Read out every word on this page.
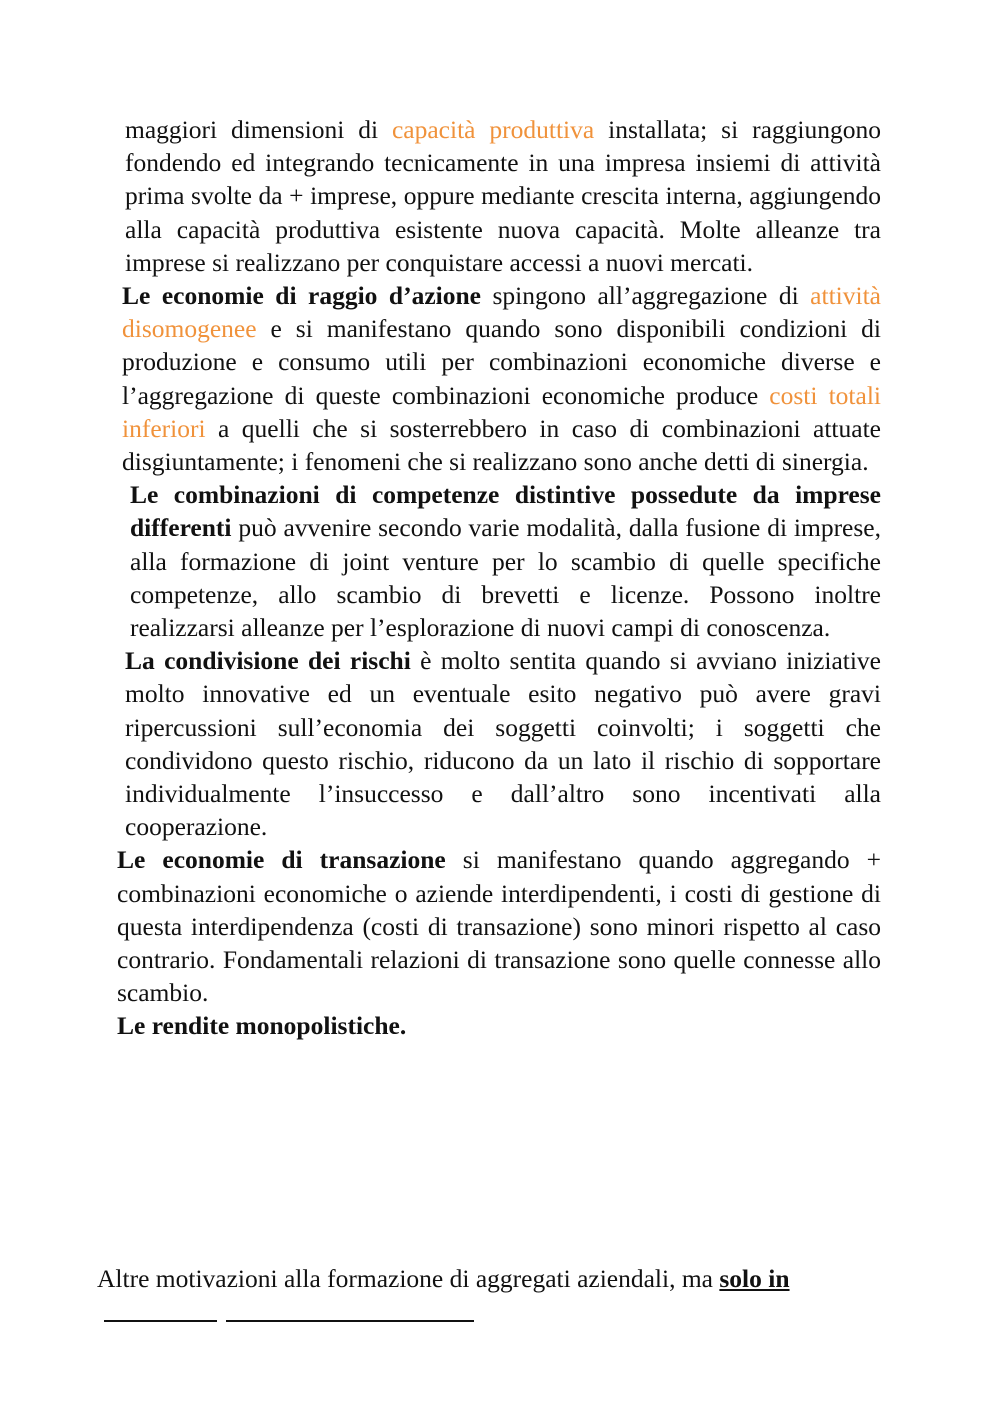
maggiori dimensioni di capacità produttiva installata; si raggiungono fondendo ed integrando tecnicamente in una impresa insiemi di attività prima svolte da + imprese, oppure mediante crescita interna, aggiungendo alla capacità produttiva esistente nuova capacità. Molte alleanze tra imprese si realizzano per conquistare accessi a nuovi mercati.

Le economie di raggio d’azione spingono all’aggregazione di attività disomogenee e si manifestano quando sono disponibili condizioni di produzione e consumo utili per combinazioni economiche diverse e l’aggregazione di queste combinazioni economiche produce costi totali inferiori a quelli che si sosterrebbero in caso di combinazioni attuate disgiuntamente; i fenomeni che si realizzano sono anche detti di sinergia.

Le combinazioni di competenze distintive possedute da imprese differenti può avvenire secondo varie modalità, dalla fusione di imprese, alla formazione di joint venture per lo scambio di quelle specifiche competenze, allo scambio di brevetti e licenze. Possono inoltre realizzarsi alleanze per l’esplorazione di nuovi campi di conoscenza.

La condivisione dei rischi è molto sentita quando si avviano iniziative molto innovative ed un eventuale esito negativo può avere gravi ripercussioni sull’economia dei soggetti coinvolti; i soggetti che condividono questo rischio, riducono da un lato il rischio di sopportare individualmente l’insuccesso e dall’altro sono incentivati alla cooperazione.

Le economie di transazione si manifestano quando aggregando + combinazioni economiche o aziende interdipendenti, i costi di gestione di questa interdipendenza (costi di transazione) sono minori rispetto al caso contrario. Fondamentali relazioni di transazione sono quelle connesse allo scambio.

Le rendite monopolistiche.

Altre motivazioni alla formazione di aggregati aziendali, ma solo in
